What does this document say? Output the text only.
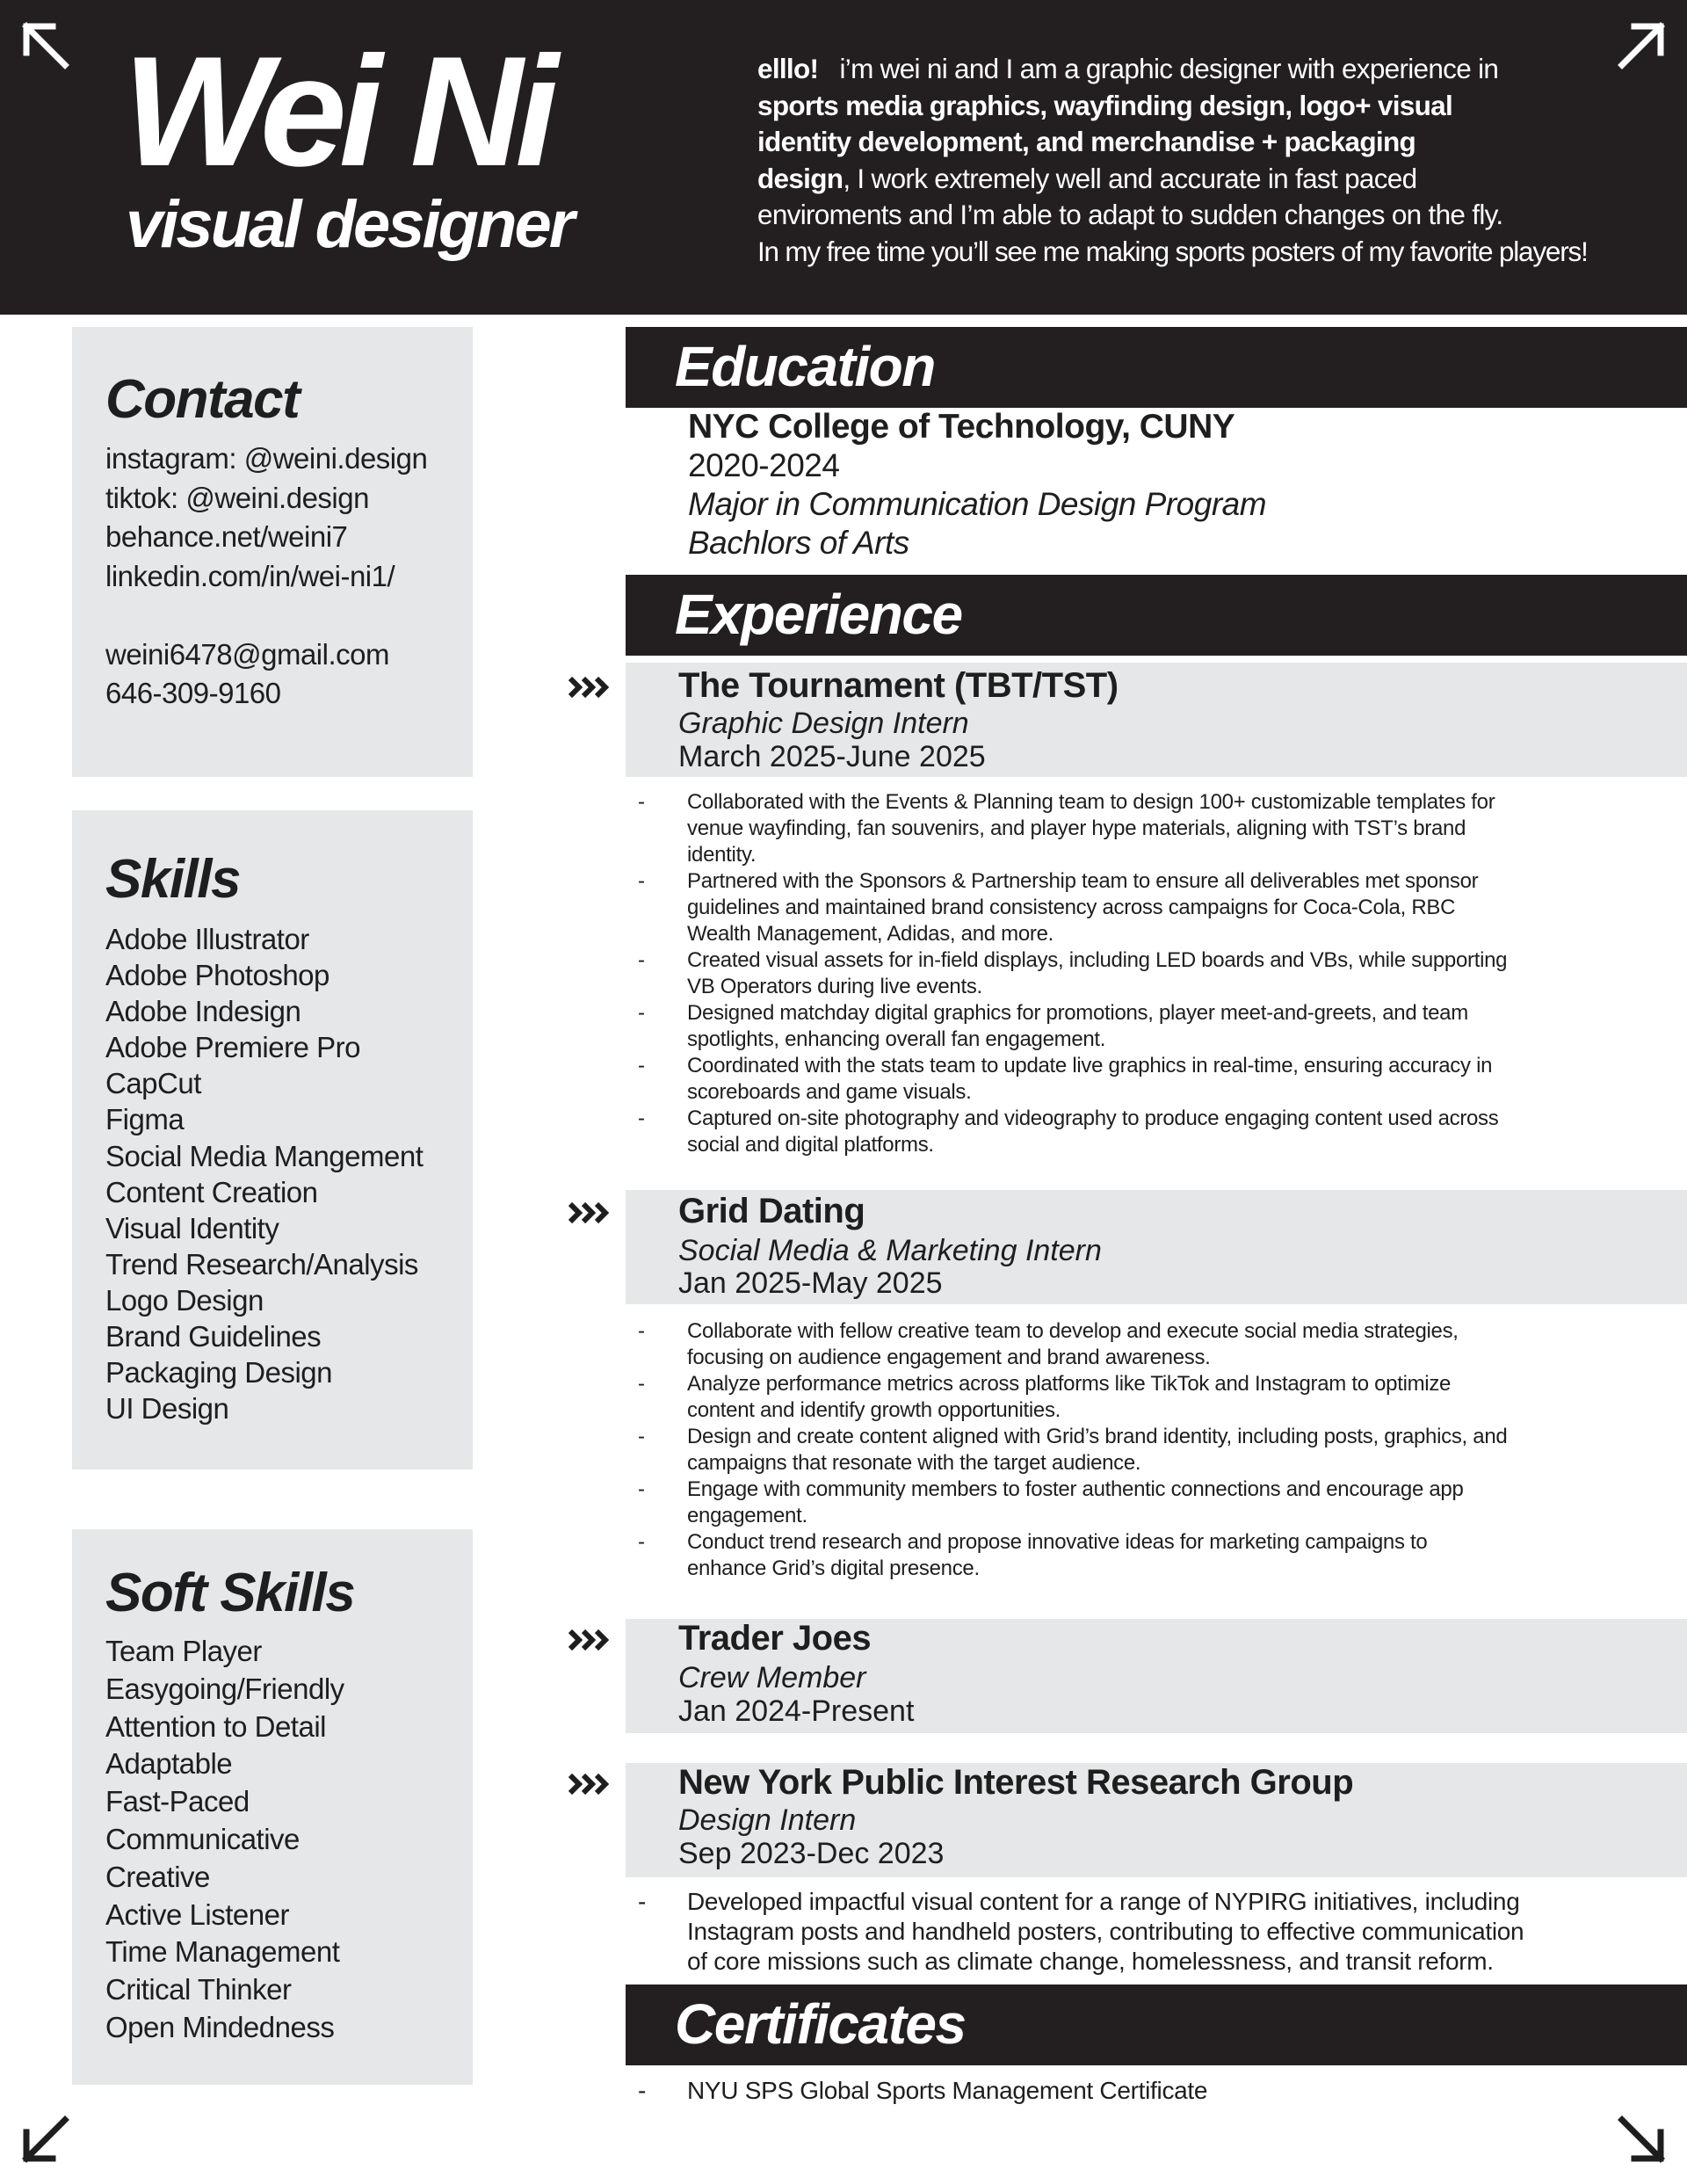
Wei Ni
visual designer
elllo!   i’m wei ni and I am a graphic designer with experience in
sports media graphics, wayfinding design, logo+ visual
identity development, and merchandise + packaging
design, I work extremely well and accurate in fast paced
enviroments and I’m able to adapt to sudden changes on the fly.
In my free time you’ll see me making sports posters of my favorite players!
Contact
instagram: @weini.design
tiktok: @weini.design
behance.net/weini7
linkedin.com/in/wei-ni1/
weini6478@gmail.com
646-309-9160
Skills
Adobe Illustrator
Adobe Photoshop
Adobe Indesign
Adobe Premiere Pro
CapCut
Figma
Social Media Mangement
Content Creation
Visual Identity
Trend Research/Analysis
Logo Design
Brand Guidelines
Packaging Design
UI Design
Soft Skills
Team Player
Easygoing/Friendly
Attention to Detail
Adaptable
Fast-Paced
Communicative
Creative
Active Listener
Time Management
Critical Thinker
Open Mindedness
Education
NYC College of Technology, CUNY
2020-2024
Major in Communication Design Program
Bachlors of Arts
Experience
The Tournament (TBT/TST)
Graphic Design Intern
March 2025-June 2025
- Collaborated with the Events & Planning team to design 100+ customizable templates for
venue wayfinding, fan souvenirs, and player hype materials, aligning with TST’s brand
identity.
- Partnered with the Sponsors & Partnership team to ensure all deliverables met sponsor
guidelines and maintained brand consistency across campaigns for Coca-Cola, RBC
Wealth Management, Adidas, and more.
- Created visual assets for in-field displays, including LED boards and VBs, while supporting
VB Operators during live events.
- Designed matchday digital graphics for promotions, player meet-and-greets, and team
spotlights, enhancing overall fan engagement.
- Coordinated with the stats team to update live graphics in real-time, ensuring accuracy in
scoreboards and game visuals.
- Captured on-site photography and videography to produce engaging content used across
social and digital platforms.
Grid Dating
Social Media & Marketing Intern
Jan 2025-May 2025
- Collaborate with fellow creative team to develop and execute social media strategies,
focusing on audience engagement and brand awareness.
- Analyze performance metrics across platforms like TikTok and Instagram to optimize
content and identify growth opportunities.
- Design and create content aligned with Grid’s brand identity, including posts, graphics, and
campaigns that resonate with the target audience.
- Engage with community members to foster authentic connections and encourage app
engagement.
- Conduct trend research and propose innovative ideas for marketing campaigns to
enhance Grid’s digital presence.
Trader Joes
Crew Member
Jan 2024-Present
New York Public Interest Research Group
Design Intern
Sep 2023-Dec 2023
- Developed impactful visual content for a range of NYPIRG initiatives, including
Instagram posts and handheld posters, contributing to effective communication
of core missions such as climate change, homelessness, and transit reform.
Certificates
- NYU SPS Global Sports Management Certificate
